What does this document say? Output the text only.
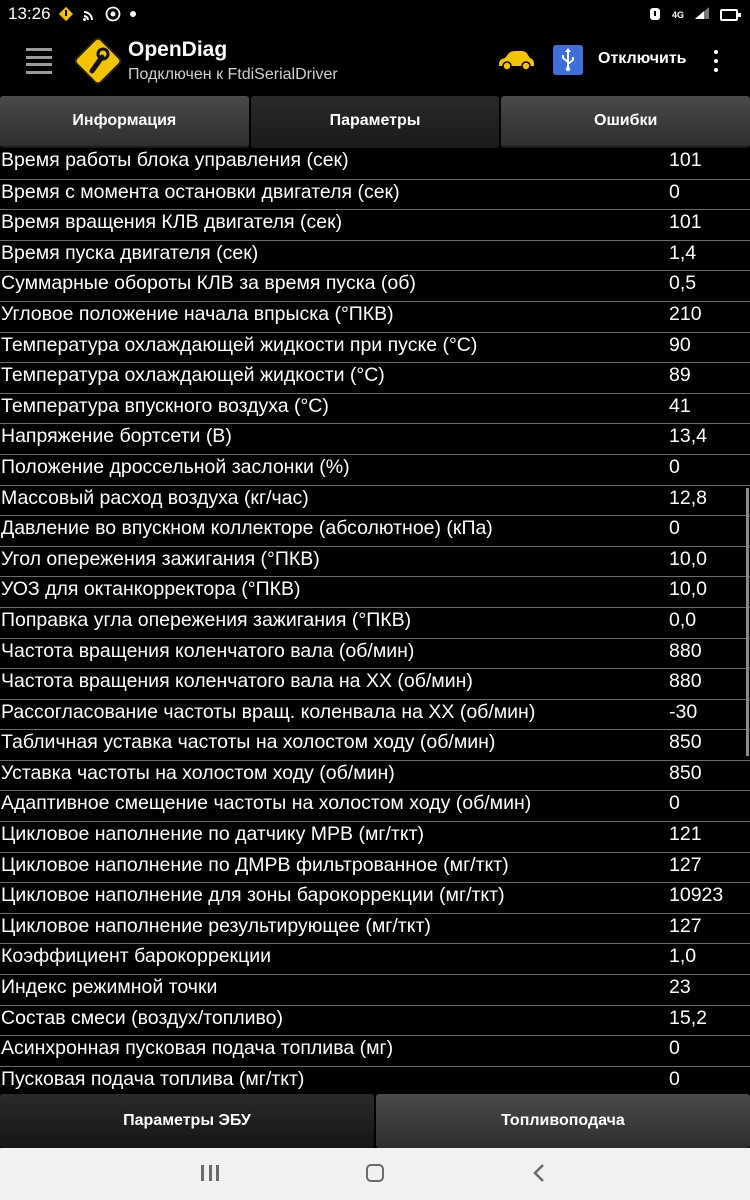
13:26	4G
OpenDiag
Подключен к FtdiSerialDriver
Отключить
Информация	Параметры	Ошибки
Время работы блока управления (сек)	101
Время с момента остановки двигателя (сек)	0
Время вращения КЛВ двигателя (сек)	101
Время пуска двигателя (сек)	1,4
Суммарные обороты КЛВ за время пуска (об)	0,5
Угловое положение начала впрыска (°ПКВ)	210
Температура охлаждающей жидкости при пуске (°С)	90
Температура охлаждающей жидкости (°С)	89
Температура впускного воздуха (°С)	41
Напряжение бортсети (В)	13,4
Положение дроссельной заслонки (%)	0
Массовый расход воздуха (кг/час)	12,8
Давление во впускном коллекторе (абсолютное) (кПа)	0
Угол опережения зажигания (°ПКВ)	10,0
УОЗ для октанкорректора (°ПКВ)	10,0
Поправка угла опережения зажигания (°ПКВ)	0,0
Частота вращения коленчатого вала (об/мин)	880
Частота вращения коленчатого вала на ХХ (об/мин)	880
Рассогласование частоты вращ. коленвала на ХХ (об/мин)	-30
Табличная уставка частоты на холостом ходу (об/мин)	850
Уставка частоты на холостом ходу (об/мин)	850
Адаптивное смещение частоты на холостом ходу (об/мин)	0
Цикловое наполнение по датчику МРВ (мг/ткт)	121
Цикловое наполнение по ДМРВ фильтрованное (мг/ткт)	127
Цикловое наполнение для зоны барокоррекции (мг/ткт)	10923
Цикловое наполнение результирующее (мг/ткт)	127
Коэффициент барокоррекции	1,0
Индекс режимной точки	23
Состав смеси (воздух/топливо)	15,2
Асинхронная пусковая подача топлива (мг)	0
Пусковая подача топлива (мг/ткт)	0
Параметры ЭБУ	Топливоподача
